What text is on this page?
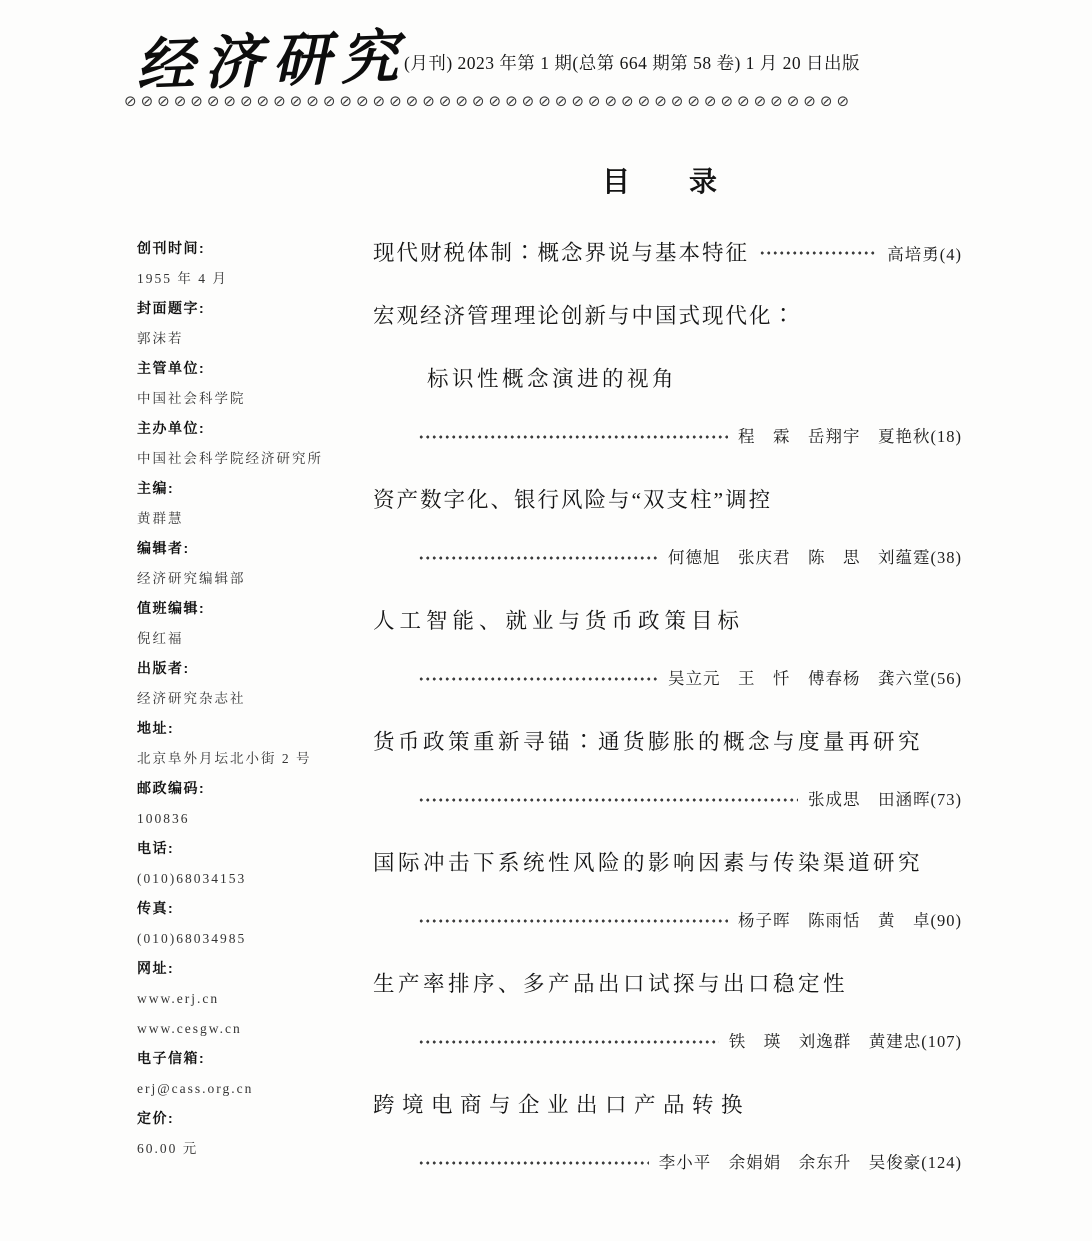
经济研究
(月刊) 2023 年第 1 期(总第 664 期第 58 卷) 1 月 20 日出版
⊘⊘⊘⊘⊘⊘⊘⊘⊘⊘⊘⊘⊘⊘⊘⊘⊘⊘⊘⊘⊘⊘⊘⊘⊘⊘⊘⊘⊘⊘⊘⊘⊘⊘⊘⊘⊘⊘⊘⊘⊘⊘⊘⊘
目　　录
创刊时间:
1955 年 4 月
封面题字:
郭沫若
主管单位:
中国社会科学院
主办单位:
中国社会科学院经济研究所
主编:
黄群慧
编辑者:
经济研究编辑部
值班编辑:
倪红福
出版者:
经济研究杂志社
地址:
北京阜外月坛北小街 2 号
邮政编码:
100836
电话:
(010)68034153
传真:
(010)68034985
网址:
www.erj.cn
www.cesgw.cn
电子信箱:
erj@cass.org.cn
定价:
60.00 元
现代财税体制∶概念界说与基本特征	高培勇(4)
宏观经济管理理论创新与中国式现代化∶
标识性概念演进的视角
程　霖　岳翔宇　夏艳秋(18)
资产数字化、银行风险与“双支柱”调控
何德旭　张庆君　陈　思　刘蕴霆(38)
人工智能、就业与货币政策目标
吴立元　王　忏　傅春杨　龚六堂(56)
货币政策重新寻锚∶通货膨胀的概念与度量再研究
张成思　田涵晖(73)
国际冲击下系统性风险的影响因素与传染渠道研究
杨子晖　陈雨恬　黄　卓(90)
生产率排序、多产品出口试探与出口稳定性
铁　瑛　刘逸群　黄建忠(107)
跨境电商与企业出口产品转换
李小平　余娟娟　余东升　吴俊豪(124)
